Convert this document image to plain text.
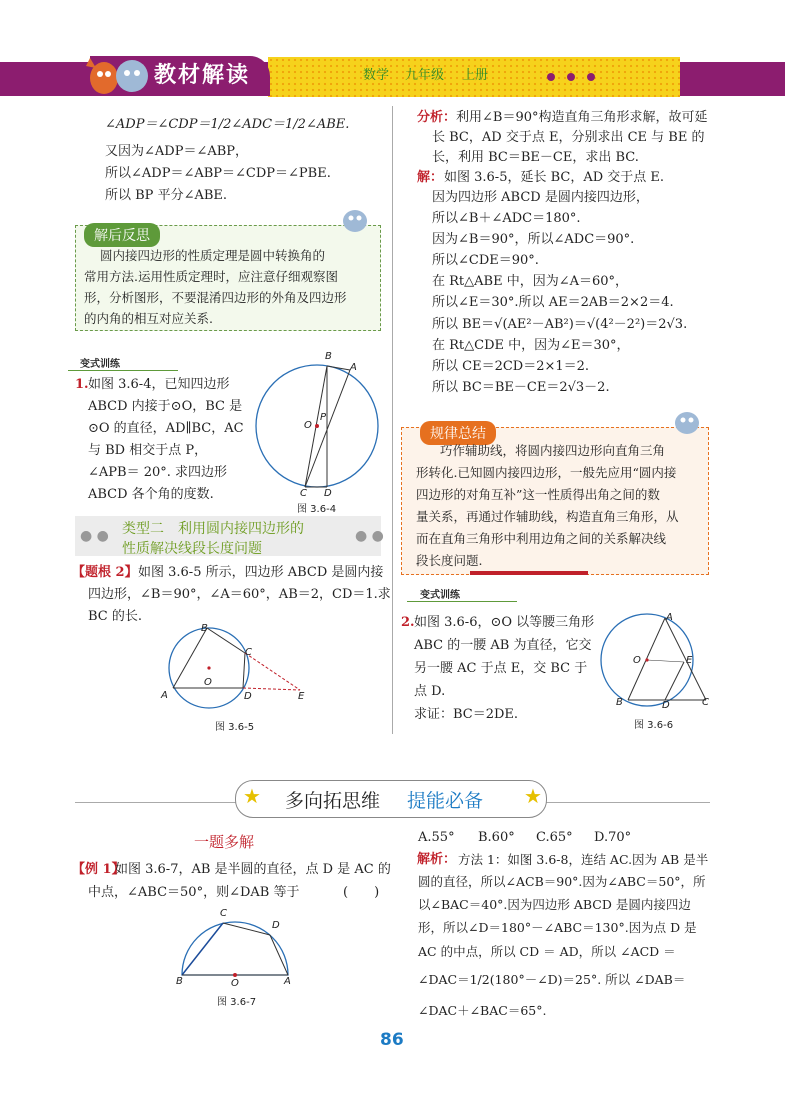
教材解读	数学 九年级 上册
∠ADP＝∠CDP＝1/2∠ADC＝1/2∠ABE.
又因为∠ADP＝∠ABP，
所以∠ADP＝∠ABP＝∠CDP＝∠PBE.
所以 BP 平分∠ABE.
解后反思
圆内接四边形的性质定理是圆中转换角的
常用方法.运用性质定理时，应注意仔细观察图
形，分析图形，不要混淆四边形的外角及四边形
的内角的相互对应关系.
变式训练
1. 如图 3.6-4，已知四边形
ABCD 内接于⊙O，BC 是
⊙O 的直径，AD∥BC，AC
与 BD 相交于点 P，
∠APB＝ 20°. 求四边形
ABCD 各个角的度数.
B
A
O
P
C D
图 3.6-4
● ●	● ●
类型二　利用圆内接四边形的
性质解决线段长度问题
【题根 2】 如图 3.6-5 所示，四边形 ABCD 是圆内接
四边形，∠B＝90°，∠A＝60°，AB＝2，CD＝1.求
BC 的长.
B
C
O
A	D	E
图 3.6-5
分析： 利用∠B＝90°构造直角三角形求解，故可延
长 BC，AD 交于点 E，分别求出 CE 与 BE 的
长，利用 BC＝BE－CE，求出 BC.
解： 如图 3.6-5，延长 BC，AD 交于点 E.
因为四边形 ABCD 是圆内接四边形，
所以∠B＋∠ADC＝180°.
因为∠B＝90°，所以∠ADC＝90°.
所以∠CDE＝90°.
在 Rt△ABE 中，因为∠A＝60°，
所以∠E＝30°.所以 AE＝2AB＝2×2＝4.
所以 BE＝√(AE²－AB²)＝√(4²－2²)＝2√3.
在 Rt△CDE 中，因为∠E＝30°，
所以 CE＝2CD＝2×1＝2.
所以 BC＝BE－CE＝2√3－2.
规律总结
巧作辅助线，将圆内接四边形向直角三角
形转化.已知圆内接四边形，一般先应用“圆内接
四边形的对角互补”这一性质得出角之间的数
量关系，再通过作辅助线，构造直角三角形，从
而在直角三角形中利用边角之间的关系解决线
段长度问题.
变式训练
2. 如图 3.6-6，⊙O 以等腰三角形
ABC 的一腰 AB 为直径，它交
另一腰 AC 于点 E，交 BC 于
点 D.
求证：BC＝2DE.
A
O	E
B	D	C
图 3.6-6
★	★
多向拓思维 提能必备
一题多解
【例 1】
如图 3.6-7，AB 是半圆的直径，点 D 是 AC 的
中点，∠ABC＝50°，则∠DAB 等于	(　　)
C
D
B	O	A
图 3.6-7
A.55° B.60° C.65° D.70°
解析： 方法 1：如图 3.6-8，连结 AC.因为 AB 是半
圆的直径，所以∠ACB＝90°.因为∠ABC＝50°，所
以∠BAC＝40°.因为四边形 ABCD 是圆内接四边
形，所以∠D＝180°－∠ABC＝130°.因为点 D 是
AC 的中点，所以 CD ＝ AD，所以 ∠ACD ＝
∠DAC＝1/2(180°－∠D)＝25°. 所以 ∠DAB＝
∠DAC＋∠BAC＝65°.
86
